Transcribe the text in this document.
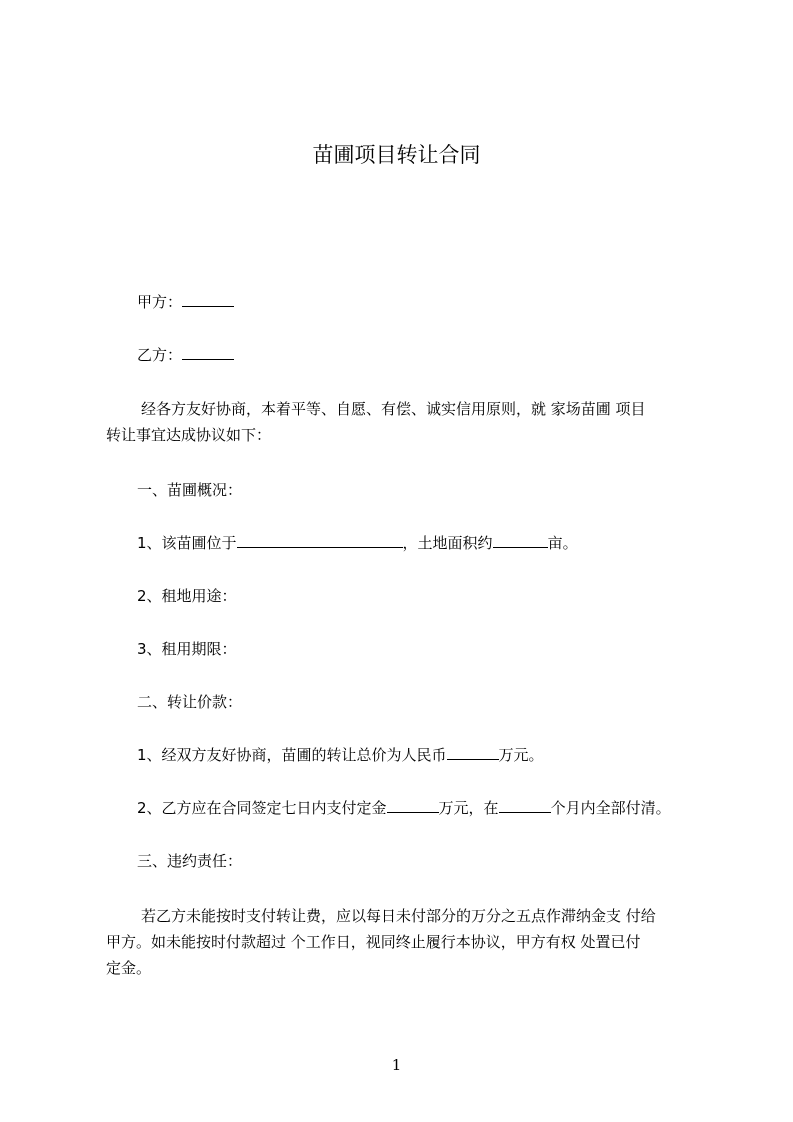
苗圃项目转让合同
甲方：
乙方：
经各方友好协商，本着平等、自愿、有偿、诚实信用原则，就 家场苗圃 项目
转让事宜达成协议如下：
一、苗圃概况：
1、该苗圃位于	，土地面积约	亩。
2、租地用途：
3、租用期限：
二、转让价款：
1、经双方友好协商，苗圃的转让总价为人民币	万元。
2、乙方应在合同签定七日内支付定金	万元，在	个月内全部付清。
三、违约责任：
若乙方未能按时支付转让费，应以每日未付部分的万分之五点作滞纳金支 付给
甲方。如未能按时付款超过 个工作日，视同终止履行本协议，甲方有权 处置已付
定金。
1
